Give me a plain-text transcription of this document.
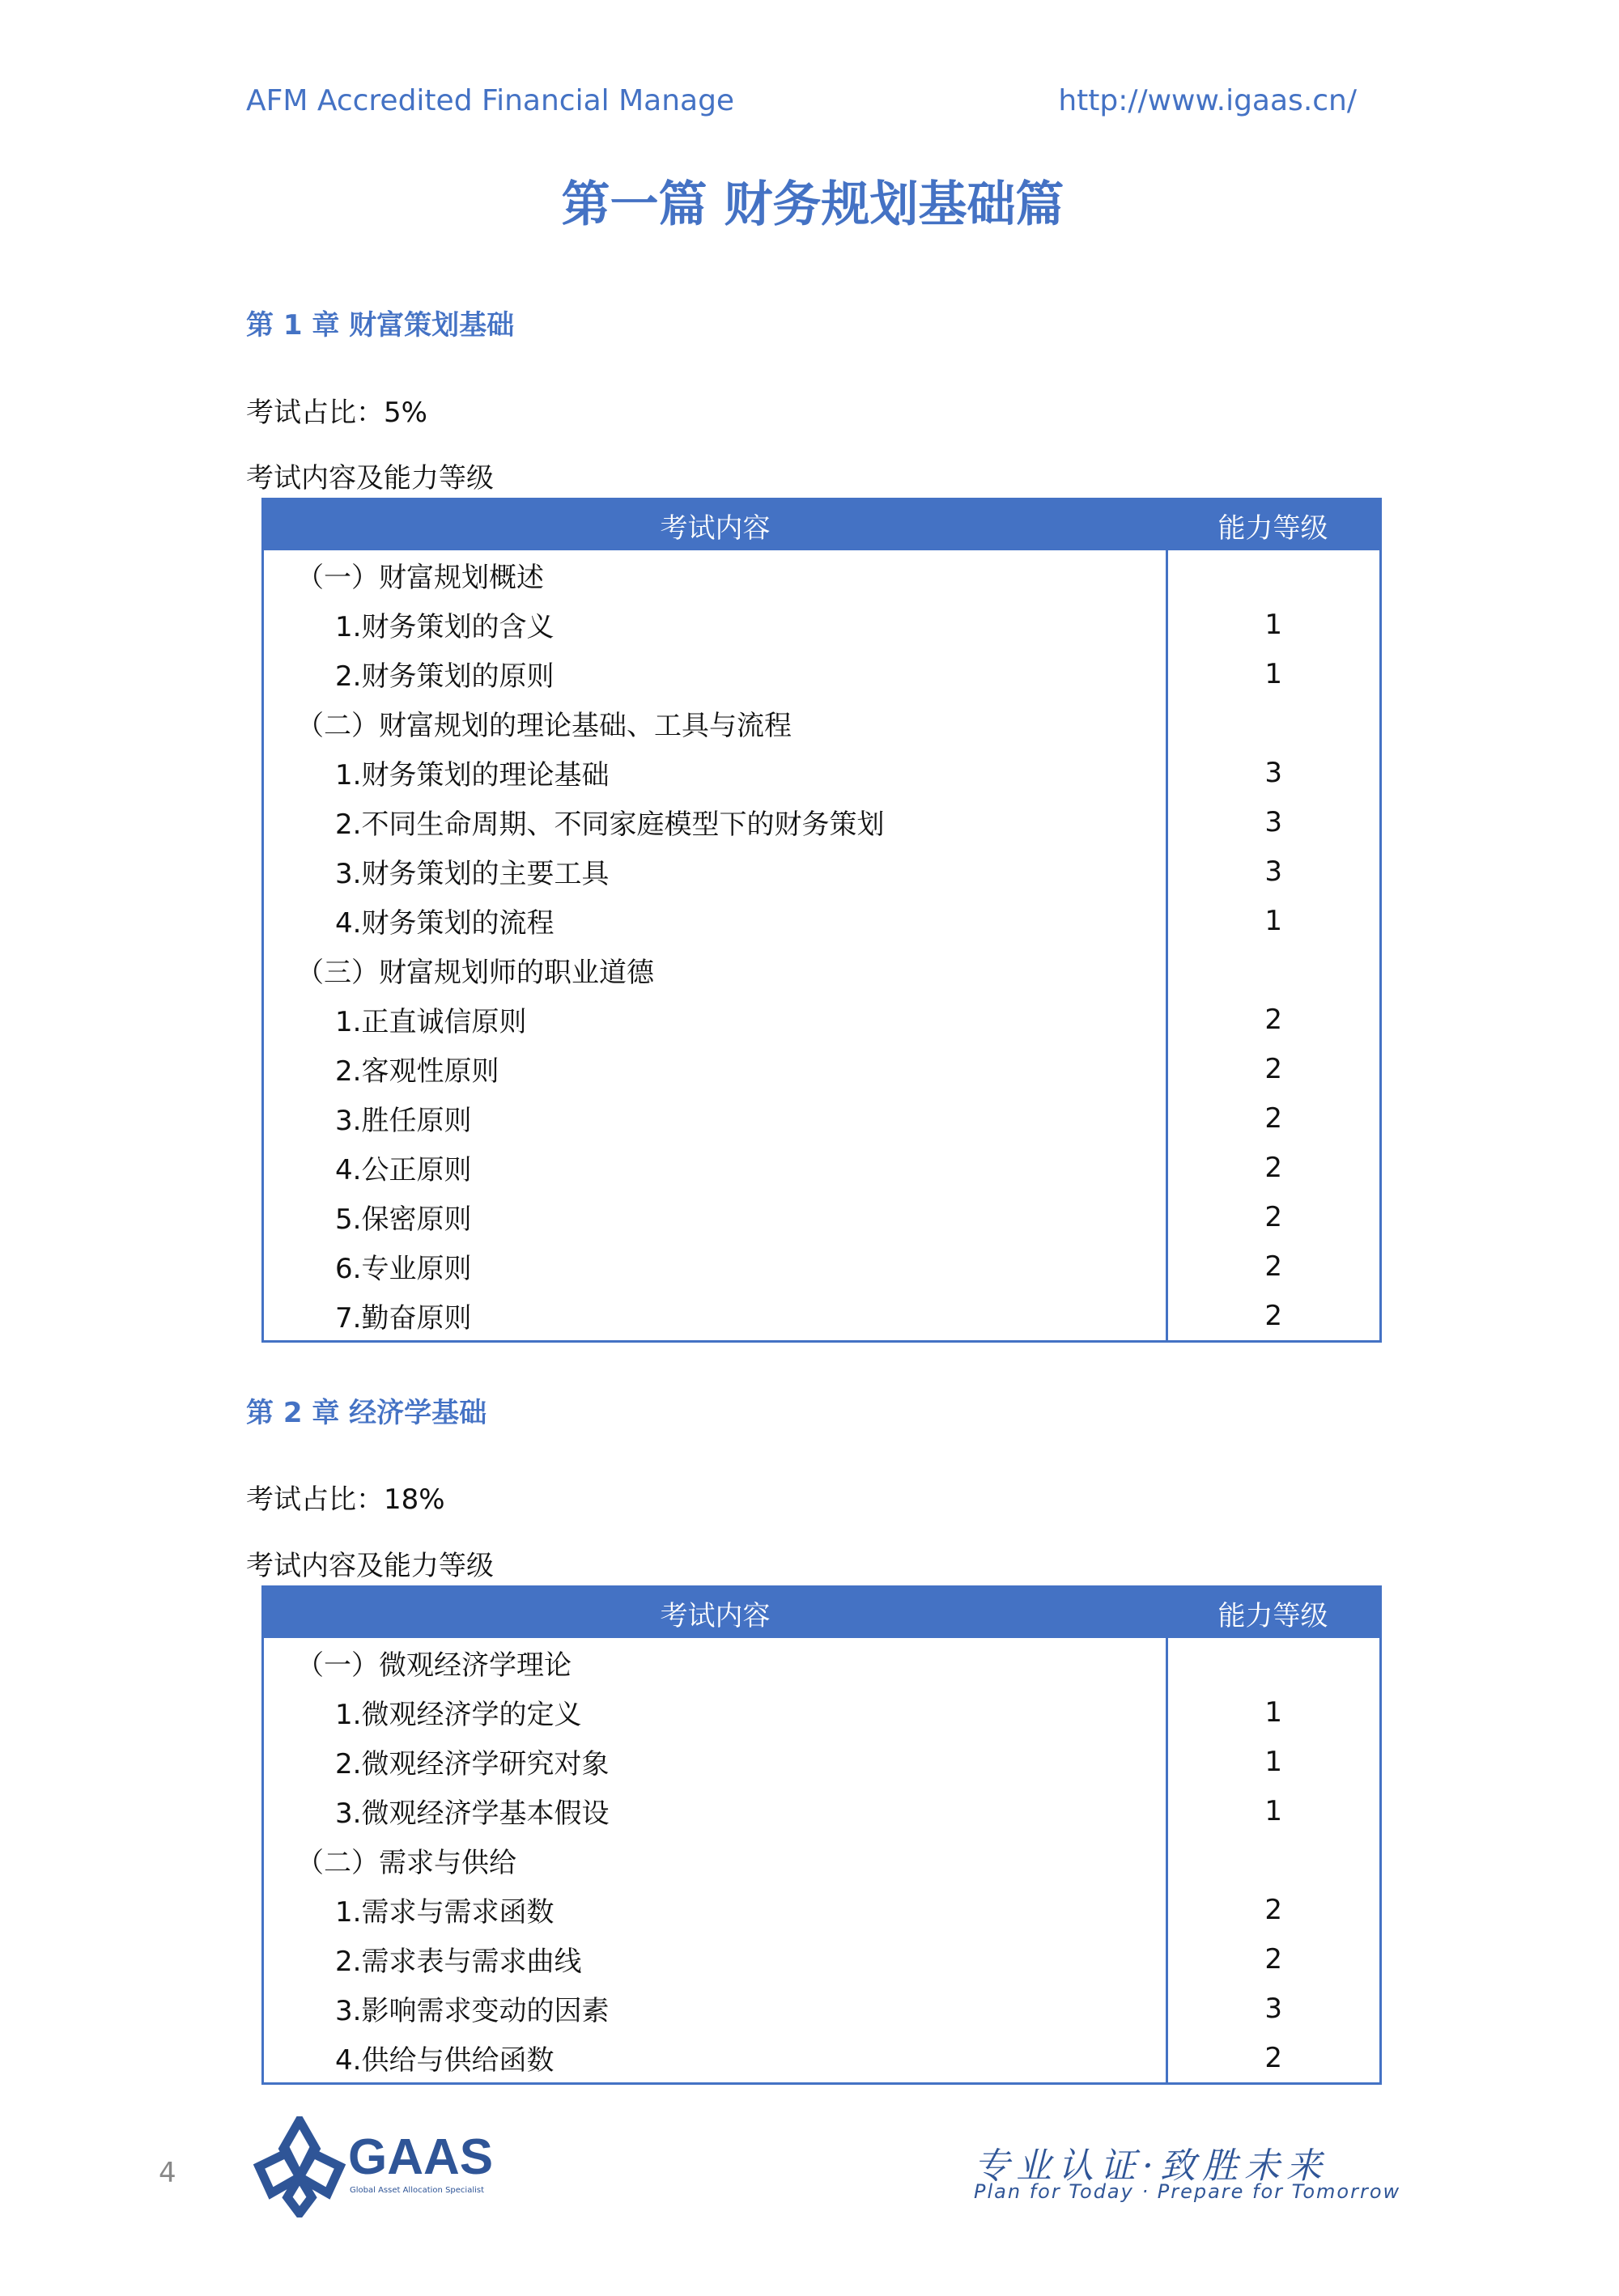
AFM Accredited Financial Manage	http://www.igaas.cn/
第一篇 财务规划基础篇
第 1 章 财富策划基础
考试占比：5%
考试内容及能力等级
考试内容	能力等级
（一）财富规划概述	
1.财务策划的含义	1
2.财务策划的原则	1
（二）财富规划的理论基础、工具与流程	
1.财务策划的理论基础	3
2.不同生命周期、不同家庭模型下的财务策划	3
3.财务策划的主要工具	3
4.财务策划的流程	1
（三）财富规划师的职业道德	
1.正直诚信原则	2
2.客观性原则	2
3.胜任原则	2
4.公正原则	2
5.保密原则	2
6.专业原则	2
7.勤奋原则	2
第 2 章 经济学基础
考试占比：18%
考试内容及能力等级
考试内容	能力等级
（一）微观经济学理论	
1.微观经济学的定义	1
2.微观经济学研究对象	1
3.微观经济学基本假设	1
（二）需求与供给	
1.需求与需求函数	2
2.需求表与需求曲线	2
3.影响需求变动的因素	3
4.供给与供给函数	2
4	GAAS
Global Asset Allocation Specialist
专业认证·致胜未来
Plan for Today · Prepare for Tomorrow
